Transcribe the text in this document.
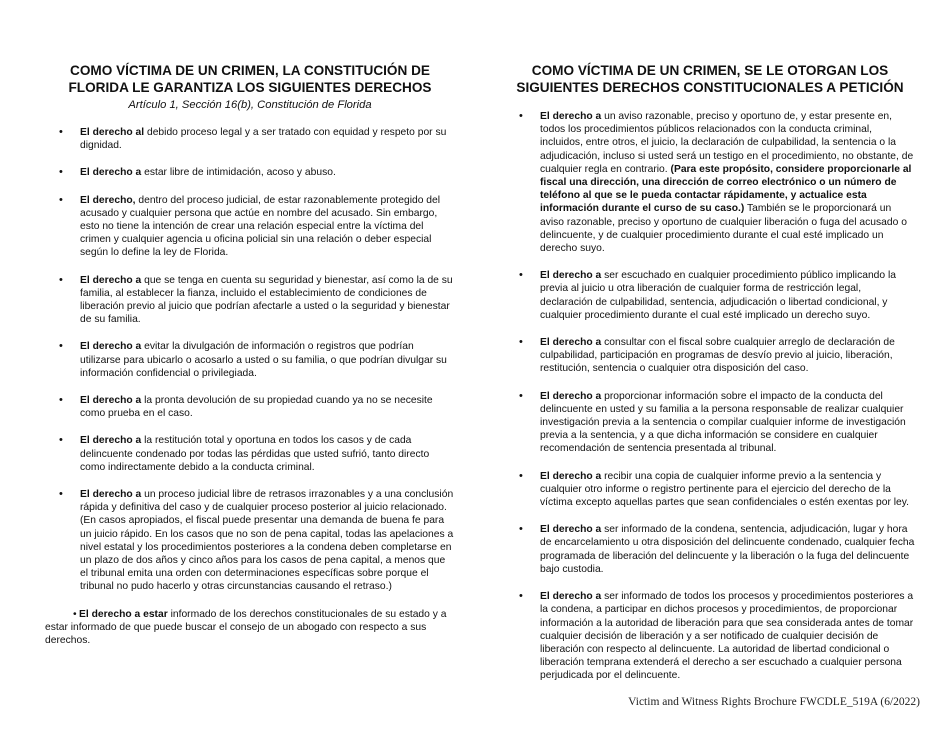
COMO VÍCTIMA DE UN CRIMEN, LA CONSTITUCIÓN DE FLORIDA LE GARANTIZA LOS SIGUIENTES DERECHOS
Artículo 1, Sección 16(b), Constitución de Florida
• El derecho al debido proceso legal y a ser tratado con equidad y respeto por su dignidad.
• El derecho a estar libre de intimidación, acoso y abuso.
• El derecho, dentro del proceso judicial, de estar razonablemente protegido del acusado y cualquier persona que actúe en nombre del acusado. Sin embargo, esto no tiene la intención de crear una relación especial entre la víctima del crimen y cualquier agencia u oficina policial sin una relación o deber especial según lo define la ley de Florida.
• El derecho a que se tenga en cuenta su seguridad y bienestar, así como la de su familia, al establecer la fianza, incluido el establecimiento de condiciones de liberación previo al juicio que podrían afectarle a usted o la seguridad y bienestar de su familia.
• El derecho a evitar la divulgación de información o registros que podrían utilizarse para ubicarlo o acosarlo a usted o su familia, o que podrían divulgar su información confidencial o privilegiada.
• El derecho a la pronta devolución de su propiedad cuando ya no se necesite como prueba en el caso.
• El derecho a la restitución total y oportuna en todos los casos y de cada delincuente condenado por todas las pérdidas que usted sufrió, tanto directo como indirectamente debido a la conducta criminal.
• El derecho a un proceso judicial libre de retrasos irrazonables y a una conclusión rápida y definitiva del caso y de cualquier proceso posterior al juicio relacionado. (En casos apropiados, el fiscal puede presentar una demanda de buena fe para un juicio rápido. En los casos que no son de pena capital, todas las apelaciones a nivel estatal y los procedimientos posteriores a la condena deben completarse en un plazo de dos años y cinco años para los casos de pena capital, a menos que el tribunal emita una orden con determinaciones específicas sobre porque el tribunal no pudo hacerlo y otras circunstancias causando el retraso.)
• El derecho a estar informado de los derechos constitucionales de su estado y a estar informado de que puede buscar el consejo de un abogado con respecto a sus derechos.
COMO VÍCTIMA DE UN CRIMEN, SE LE OTORGAN LOS SIGUIENTES DERECHOS CONSTITUCIONALES A PETICIÓN
• El derecho a un aviso razonable, preciso y oportuno de, y estar presente en, todos los procedimientos públicos relacionados con la conducta criminal, incluidos, entre otros, el juicio, la declaración de culpabilidad, la sentencia o la adjudicación, incluso si usted será un testigo en el procedimiento, no obstante, de cualquier regla en contrario. (Para este propósito, considere proporcionarle al fiscal una dirección, una dirección de correo electrónico o un número de teléfono al que se le pueda contactar rápidamente, y actualice esta información durante el curso de su caso.) También se le proporcionará un aviso razonable, preciso y oportuno de cualquier liberación o fuga del acusado o delincuente, y de cualquier procedimiento durante el cual esté implicado un derecho suyo.
• El derecho a ser escuchado en cualquier procedimiento público implicando la previa al juicio u otra liberación de cualquier forma de restricción legal, declaración de culpabilidad, sentencia, adjudicación o libertad condicional, y cualquier procedimiento durante el cual esté implicado un derecho suyo.
• El derecho a consultar con el fiscal sobre cualquier arreglo de declaración de culpabilidad, participación en programas de desvío previo al juicio, liberación, restitución, sentencia o cualquier otra disposición del caso.
• El derecho a proporcionar información sobre el impacto de la conducta del delincuente en usted y su familia a la persona responsable de realizar cualquier investigación previa a la sentencia o compilar cualquier informe de investigación previa a la sentencia, y a que dicha información se considere en cualquier recomendación de sentencia presentada al tribunal.
• El derecho a recibir una copia de cualquier informe previo a la sentencia y cualquier otro informe o registro pertinente para el ejercicio del derecho de la víctima excepto aquellas partes que sean confidenciales o estén exentas por ley.
• El derecho a ser informado de la condena, sentencia, adjudicación, lugar y hora de encarcelamiento u otra disposición del delincuente condenado, cualquier fecha programada de liberación del delincuente y la liberación o la fuga del delincuente bajo custodia.
• El derecho a ser informado de todos los procesos y procedimientos posteriores a la condena, a participar en dichos procesos y procedimientos, de proporcionar información a la autoridad de liberación para que sea considerada antes de tomar cualquier decisión de liberación y a ser notificado de cualquier decisión de liberación con respecto al delincuente. La autoridad de libertad condicional o liberación temprana extenderá el derecho a ser escuchado a cualquier persona perjudicada por el delincuente.
Victim and Witness Rights Brochure FWCDLE_519A (6/2022)
